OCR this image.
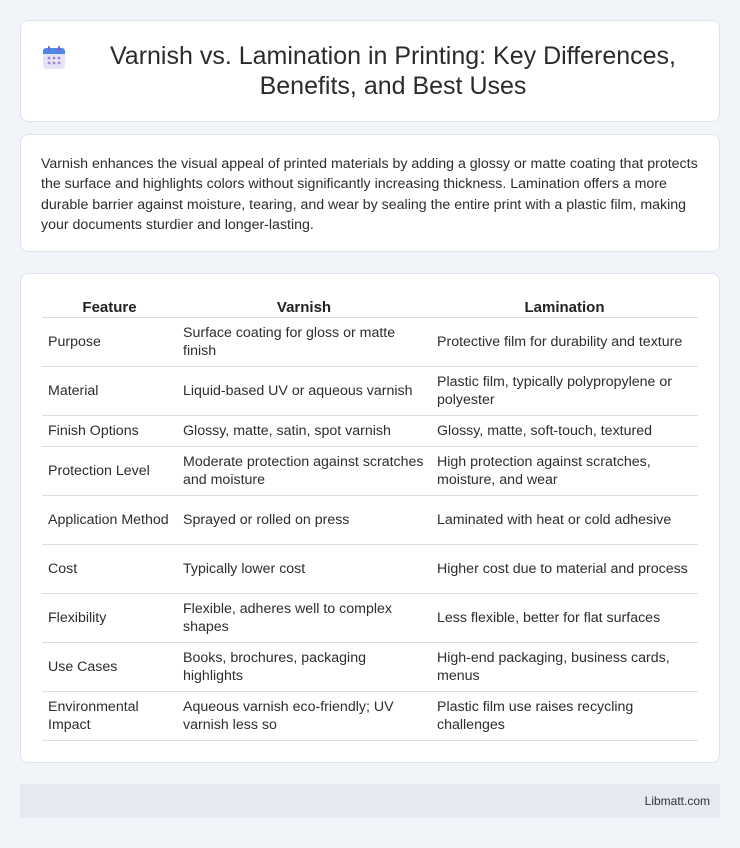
Varnish vs. Lamination in Printing: Key Differences, Benefits, and Best Uses

Varnish enhances the visual appeal of printed materials by adding a glossy or matte coating that protects the surface and highlights colors without significantly increasing thickness. Lamination offers a more durable barrier against moisture, tearing, and wear by sealing the entire print with a plastic film, making your documents sturdier and longer-lasting.

Feature	Varnish	Lamination
Purpose	Surface coating for gloss or matte finish	Protective film for durability and texture
Material	Liquid-based UV or aqueous varnish	Plastic film, typically polypropylene or polyester
Finish Options	Glossy, matte, satin, spot varnish	Glossy, matte, soft-touch, textured
Protection Level	Moderate protection against scratches and moisture	High protection against scratches, moisture, and wear
Application Method	Sprayed or rolled on press	Laminated with heat or cold adhesive
Cost	Typically lower cost	Higher cost due to material and process
Flexibility	Flexible, adheres well to complex shapes	Less flexible, better for flat surfaces
Use Cases	Books, brochures, packaging highlights	High-end packaging, business cards, menus
Environmental Impact	Aqueous varnish eco-friendly; UV varnish less so	Plastic film use raises recycling challenges
Libmatt.com
